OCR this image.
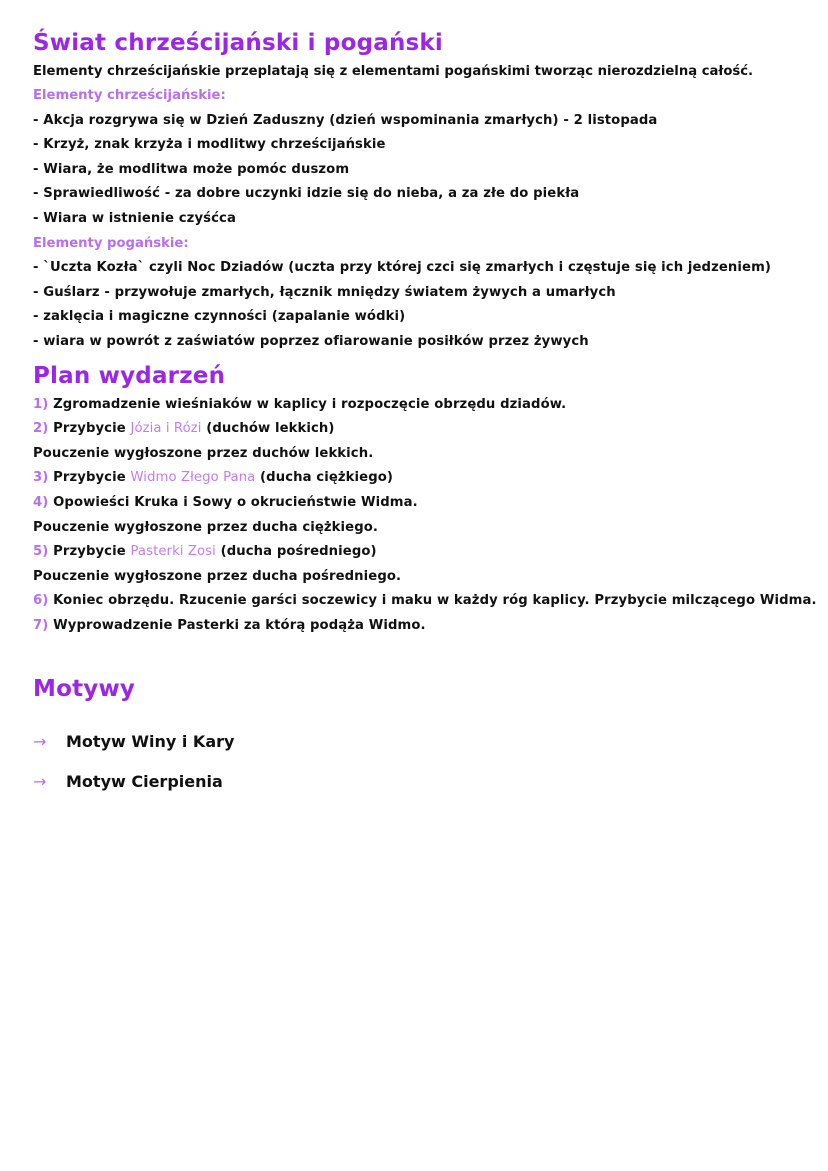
Świat chrześcijański i pogański
Elementy chrześcijańskie przeplatają się z elementami pogańskimi tworząc nierozdzielną całość.
Elementy chrześcijańskie:
- Akcja rozgrywa się w Dzień Zaduszny (dzień wspominania zmarłych) - 2 listopada
- Krzyż, znak krzyża i modlitwy chrześcijańskie
- Wiara, że modlitwa może pomóc duszom
- Sprawiedliwość - za dobre uczynki idzie się do nieba, a za złe do piekła
- Wiara w istnienie czyśćca
Elementy pogańskie:
- `Uczta Kozła` czyli Noc Dziadów (uczta przy której czci się zmarłych i częstuje się ich jedzeniem)
- Guślarz - przywołuje zmarłych, łącznik mniędzy światem żywych a umarłych
- zaklęcia i magiczne czynności (zapalanie wódki)
- wiara w powrót z zaświatów poprzez ofiarowanie posiłków przez żywych
Plan wydarzeń
1) Zgromadzenie wieśniaków w kaplicy i rozpoczęcie obrzędu dziadów.
2) Przybycie Józia i Rózi (duchów lekkich)
Pouczenie wygłoszone przez duchów lekkich.
3) Przybycie Widmo Złego Pana (ducha ciężkiego)
4) Opowieści Kruka i Sowy o okrucieństwie Widma.
Pouczenie wygłoszone przez ducha ciężkiego.
5) Przybycie Pasterki Zosi (ducha pośredniego)
Pouczenie wygłoszone przez ducha pośredniego.
6) Koniec obrzędu. Rzucenie garści soczewicy i maku w każdy róg kaplicy. Przybycie milczącego Widma.
7) Wyprowadzenie Pasterki za którą podąża Widmo.
Motywy
→ Motyw Winy i Kary
→ Motyw Cierpienia
